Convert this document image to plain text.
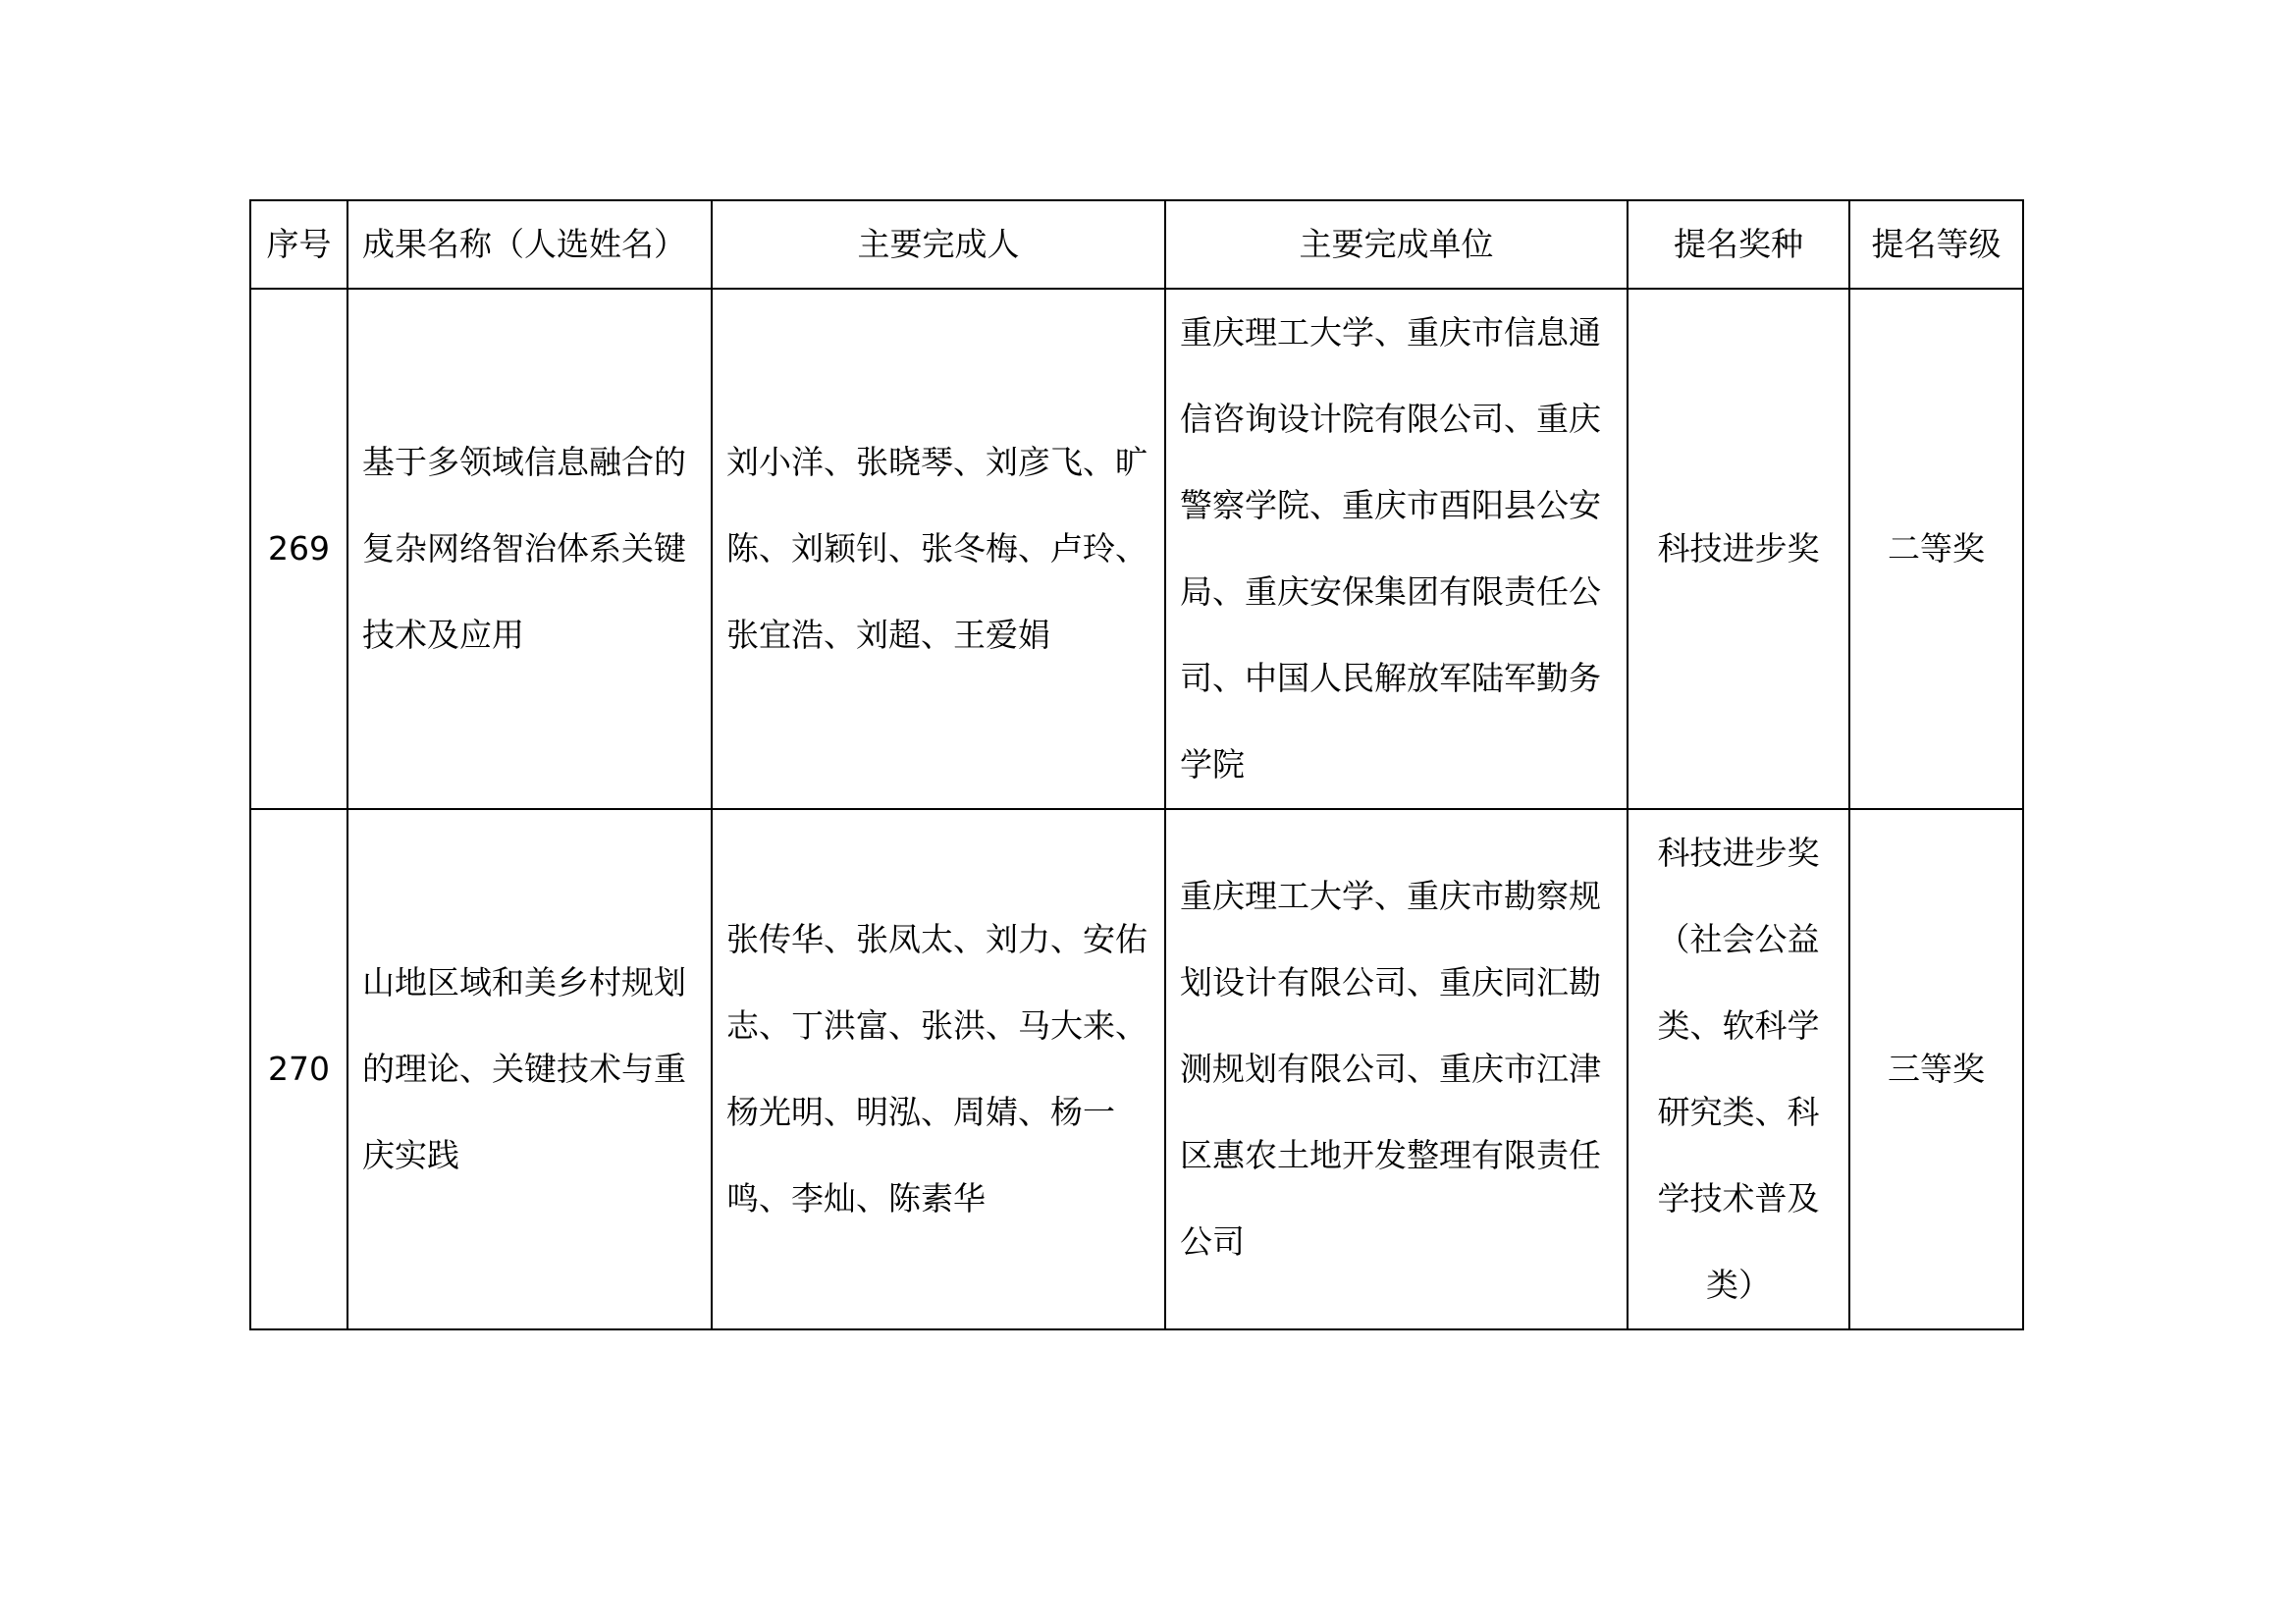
序号	成果名称（人选姓名）	主要完成人	主要完成单位	提名奖种	提名等级
269	基于多领域信息融合的复杂网络智治体系关键技术及应用	刘小洋、张晓琴、刘彦飞、旷陈、刘颖钊、张冬梅、卢玲、张宜浩、刘超、王爱娟	重庆理工大学、重庆市信息通信咨询设计院有限公司、重庆警察学院、重庆市酉阳县公安局、重庆安保集团有限责任公司、中国人民解放军陆军勤务学院	科技进步奖	二等奖
270	山地区域和美乡村规划的理论、关键技术与重庆实践	张传华、张凤太、刘力、安佑志、丁洪富、张洪、马大来、杨光明、明泓、周婧、杨一鸣、李灿、陈素华	重庆理工大学、重庆市勘察规划设计有限公司、重庆同汇勘测规划有限公司、重庆市江津区惠农土地开发整理有限责任公司	科技进步奖（社会公益类、软科学研究类、科学技术普及类）	三等奖
